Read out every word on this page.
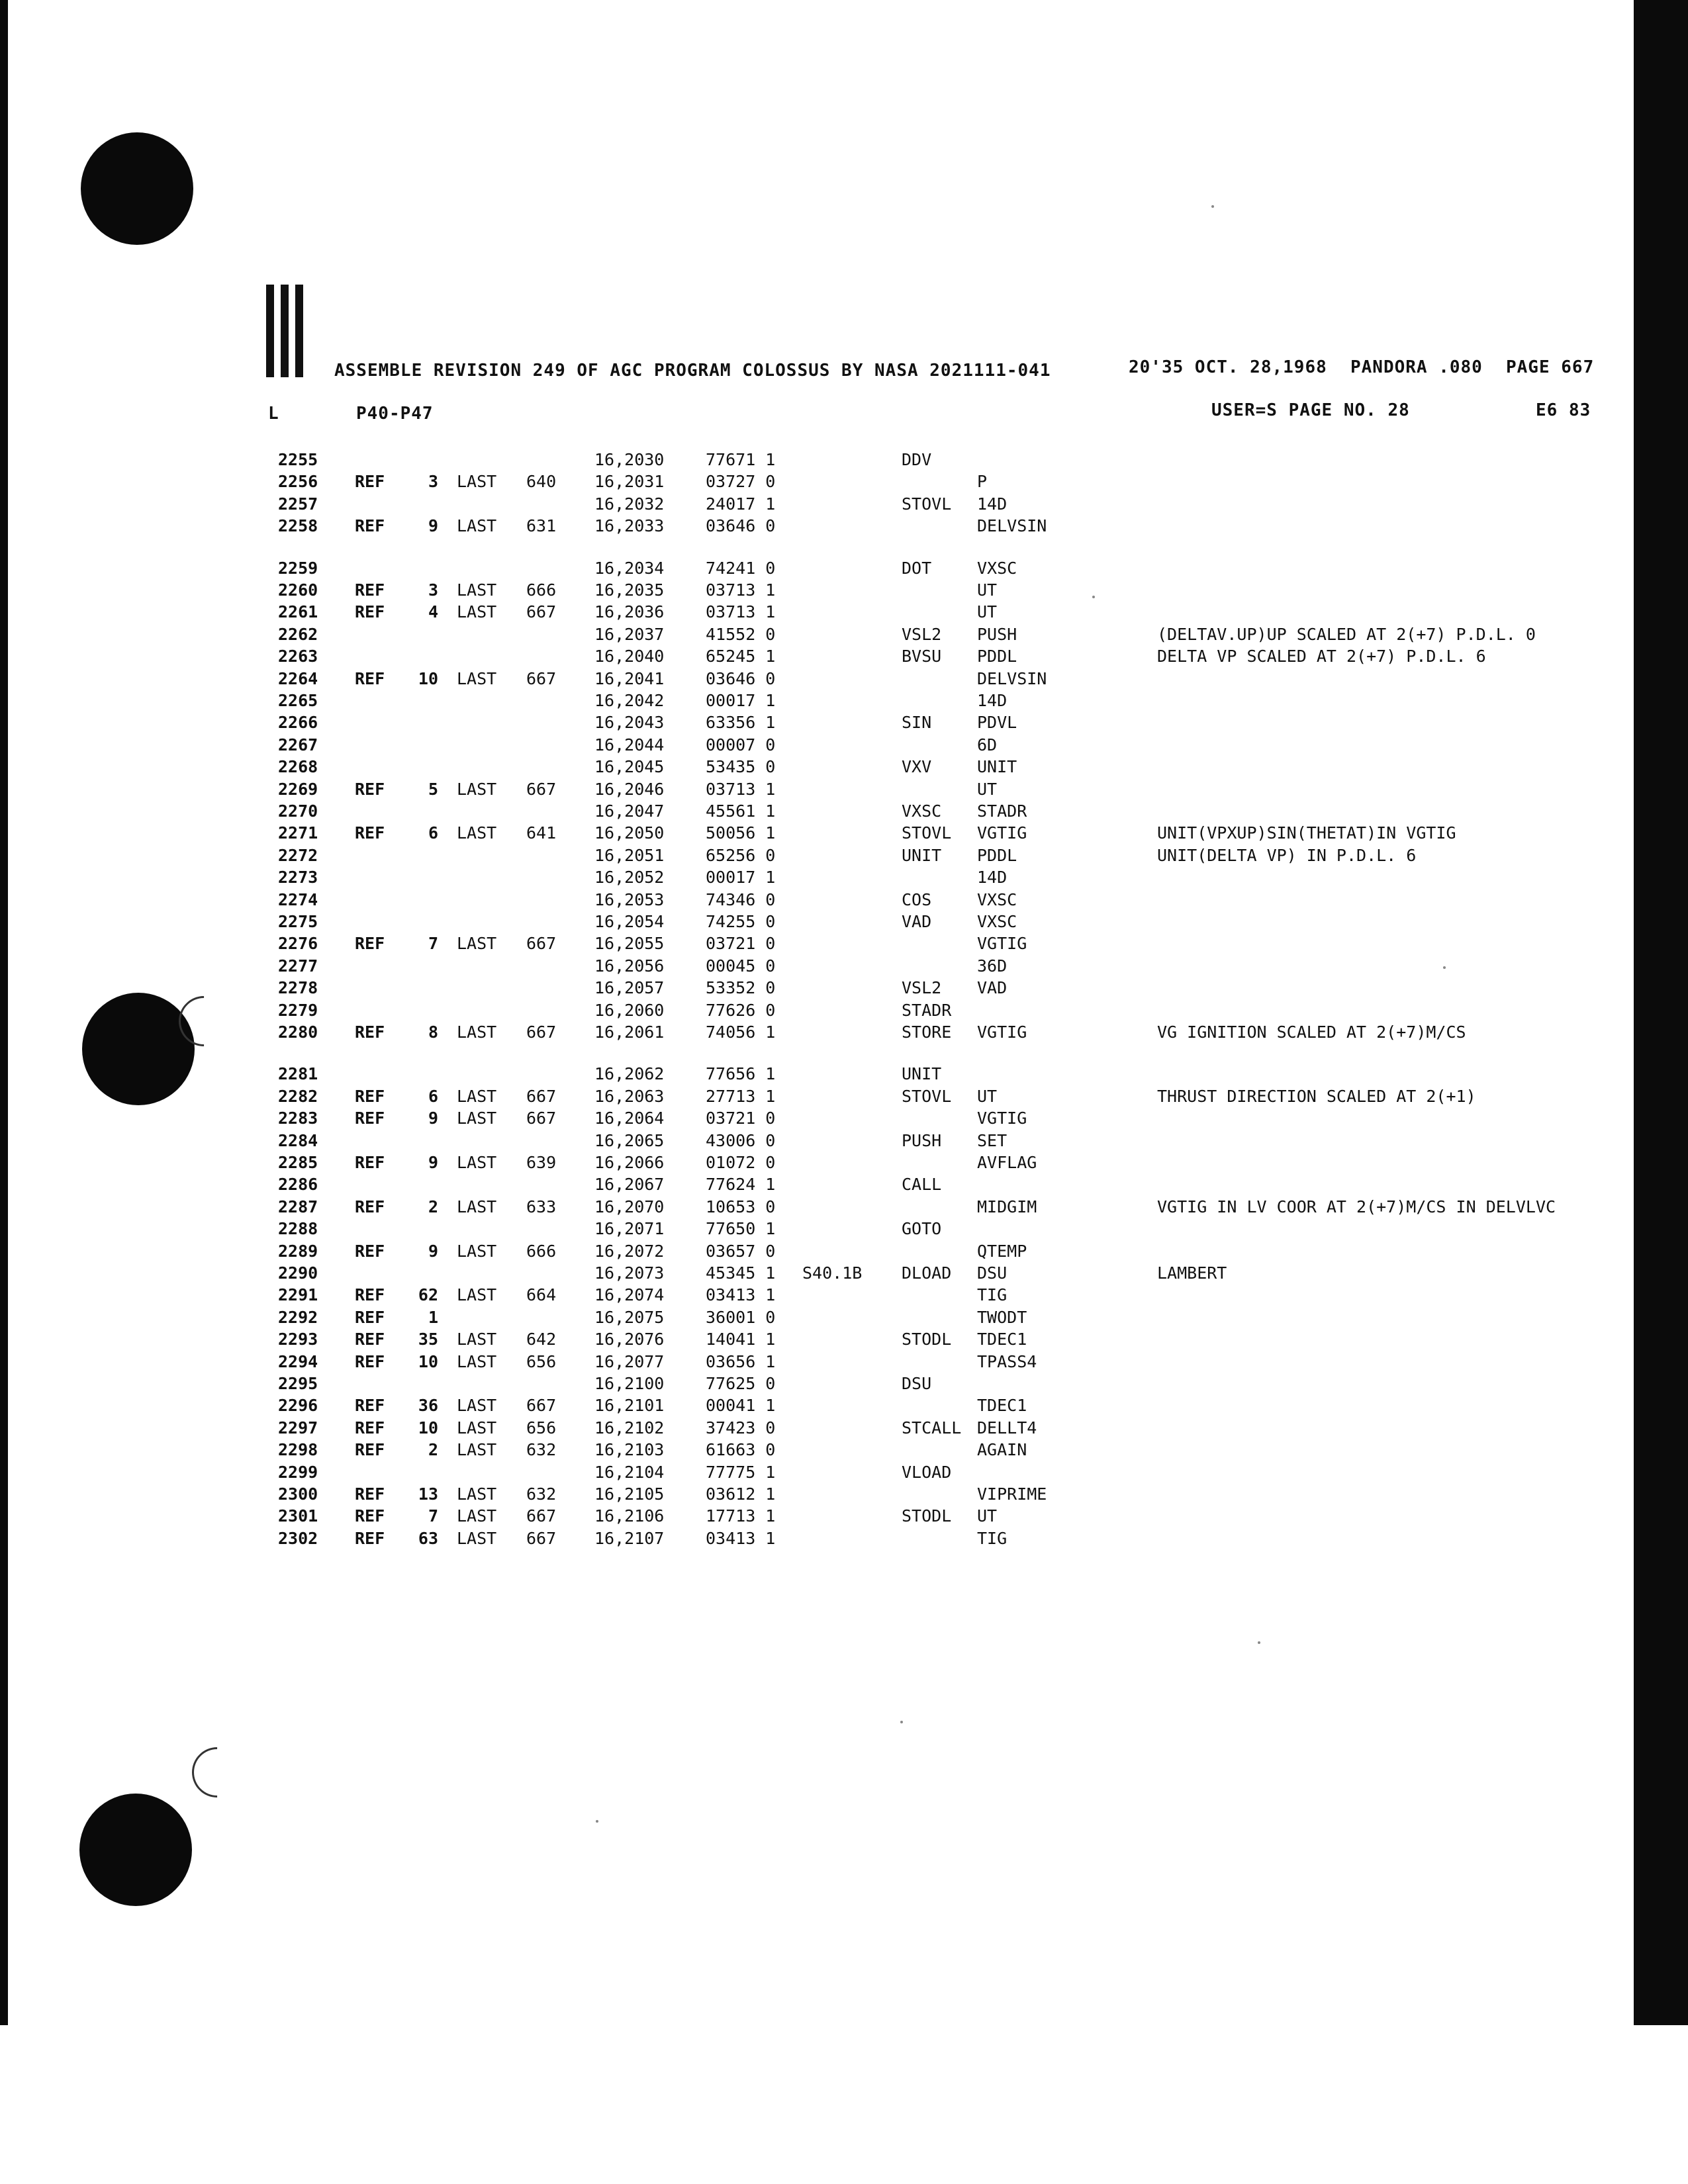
ASSEMBLE REVISION 249 OF AGC PROGRAM COLOSSUS BY NASA 2021111-041	20'35 OCT. 28,1968 PANDORA .080 PAGE 667
L	P40-P47	USER=S PAGE NO. 28	E6 83
2255	16,2030	77671 1	DDV
2256 REF	3 LAST 640 16,2031	03727 0	P
2257	16,2032	24017 1	STOVL 14D
2258 REF	9 LAST 631 16,2033	03646 0	DELVSIN
2259	16,2034	74241 0	DOT	VXSC
2260 REF	3 LAST 666 16,2035	03713 1	UT
2261 REF	4 LAST 667 16,2036	03713 1	UT
2262	16,2037	41552 0	VSL2 PUSH	(DELTAV.UP)UP SCALED AT 2(+7) P.D.L. 0
2263	16,2040	65245 1	BVSU PDDL	DELTA VP SCALED AT 2(+7) P.D.L. 6
2264 REF	10 LAST 667 16,2041	03646 0	DELVSIN
2265	16,2042	00017 1	14D
2266	16,2043	63356 1	SIN	PDVL
2267	16,2044	00007 0	6D
2268	16,2045	53435 0	VXV	UNIT
2269 REF	5 LAST 667 16,2046	03713 1	UT
2270	16,2047	45561 1	VXSC STADR
2271 REF	6 LAST 641 16,2050	50056 1	STOVL VGTIG	UNIT(VPXUP)SIN(THETAT)IN VGTIG
2272	16,2051	65256 0	UNIT PDDL	UNIT(DELTA VP) IN P.D.L. 6
2273	16,2052	00017 1	14D
2274	16,2053	74346 0	COS	VXSC
2275	16,2054	74255 0	VAD	VXSC
2276 REF	7 LAST 667 16,2055	03721 0	VGTIG
2277	16,2056	00045 0	36D
2278	16,2057	53352 0	VSL2 VAD
2279	16,2060	77626 0	STADR
2280 REF	8 LAST 667 16,2061	74056 1	STORE VGTIG	VG IGNITION SCALED AT 2(+7)M/CS
2281	16,2062	77656 1	UNIT
2282 REF	6 LAST 667 16,2063	27713 1	STOVL UT	THRUST DIRECTION SCALED AT 2(+1)
2283 REF	9 LAST 667 16,2064	03721 0	VGTIG
2284	16,2065	43006 0	PUSH SET
2285 REF	9 LAST 639 16,2066	01072 0	AVFLAG
2286	16,2067	77624 1	CALL
2287 REF	2 LAST 633 16,2070	10653 0	MIDGIM	VGTIG IN LV COOR AT 2(+7)M/CS IN DELVLVC
2288	16,2071	77650 1	GOTO
2289 REF	9 LAST 666 16,2072	03657 0	QTEMP
2290	16,2073	45345 1 S40.1B DLOAD DSU	LAMBERT
2291 REF	62 LAST 664 16,2074	03413 1	TIG
2292 REF	1	16,2075	36001 0	TWODT
2293 REF	35 LAST 642 16,2076	14041 1	STODL TDEC1
2294 REF	10 LAST 656 16,2077	03656 1	TPASS4
2295	16,2100	77625 0	DSU
2296 REF	36 LAST 667 16,2101	00041 1	TDEC1
2297 REF	10 LAST 656 16,2102	37423 0	STCALL DELLT4
2298 REF	2 LAST 632 16,2103	61663 0	AGAIN
2299	16,2104	77775 1	VLOAD
2300 REF	13 LAST 632 16,2105	03612 1	VIPRIME
2301 REF	7 LAST 667 16,2106	17713 1	STODL UT
2302 REF	63 LAST 667 16,2107	03413 1	TIG
